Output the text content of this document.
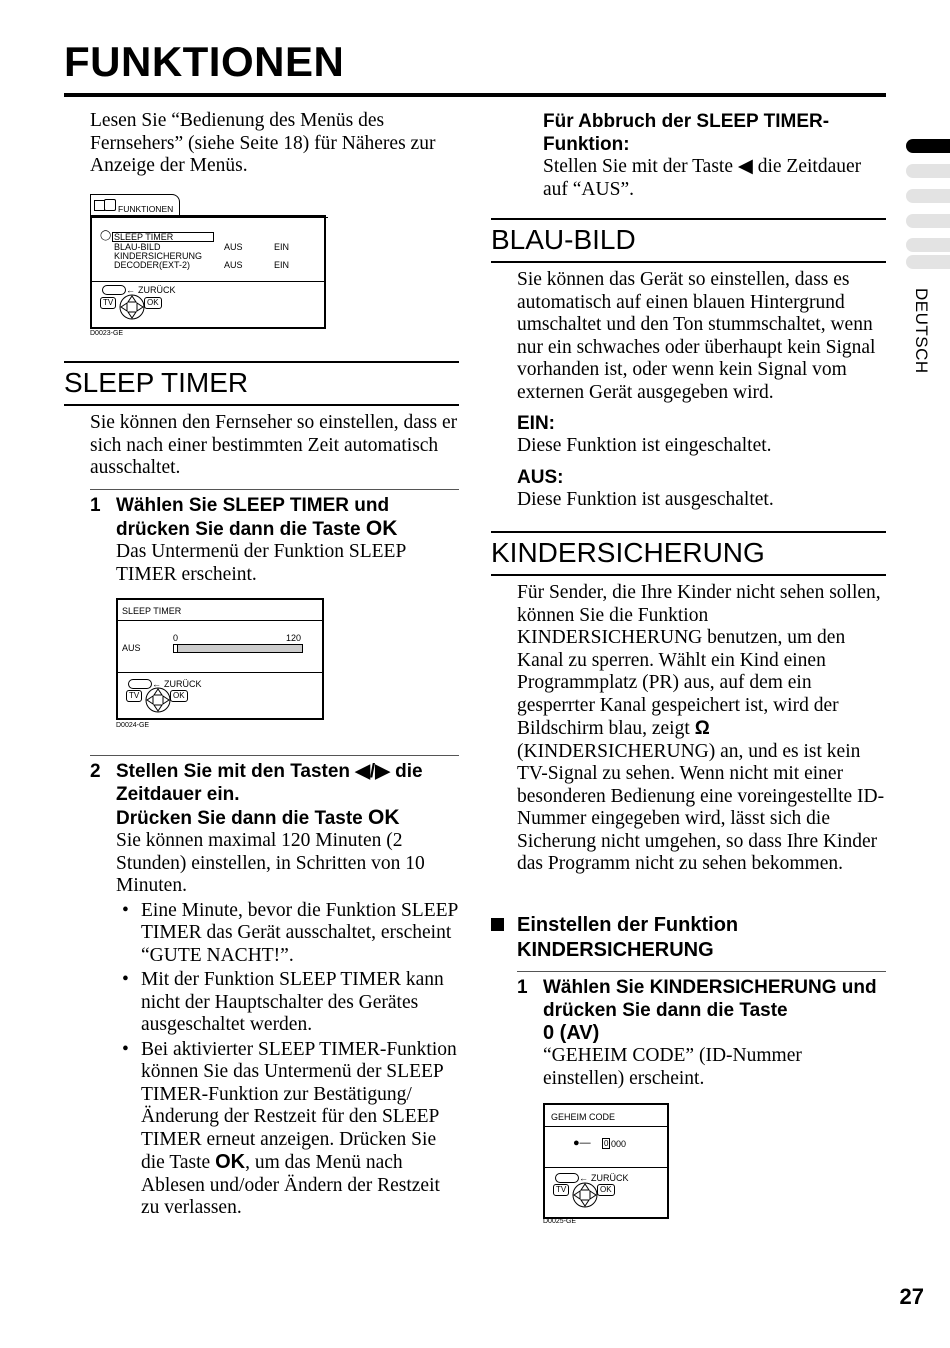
FUNKTIONEN
DEUTSCH
Lesen Sie “Bedienung des Menüs des Fernsehers” (siehe Seite 18) für Näheres zur Anzeige der Menüs.
FUNKTIONEN
◯ SLEEP TIMER
BLAU-BILD	AUS	EIN
KINDERSICHERUNG
DECODER(EXT-2)	AUS	EIN
← ZURÜCK
TV	OK
D0023-GE
SLEEP TIMER
Sie können den Fernseher so einstellen, dass er sich nach einer bestimmten Zeit automatisch ausschaltet.
1 Wählen Sie SLEEP TIMER und drücken Sie dann die Taste OK
Das Untermenü der Funktion SLEEP TIMER erscheint.
SLEEP TIMER
0	120
AUS
← ZURÜCK
TV	OK
D0024-GE
2 Stellen Sie mit den Tasten ◀/▶ die Zeitdauer ein.
Drücken Sie dann die Taste OK
Sie können maximal 120 Minuten (2 Stunden) einstellen, in Schritten von 10 Minuten.
• Eine Minute, bevor die Funktion SLEEP TIMER das Gerät ausschaltet, erscheint “GUTE NACHT!”.
• Mit der Funktion SLEEP TIMER kann nicht der Hauptschalter des Gerätes ausgeschaltet werden.
• Bei aktivierter SLEEP TIMER-Funktion können Sie das Untermenü der SLEEP TIMER-Funktion zur Bestätigung/Änderung der Restzeit für den SLEEP TIMER erneut anzeigen. Drücken Sie die Taste OK, um das Menü nach Ablesen und/oder Ändern der Restzeit zu verlassen.
Für Abbruch der SLEEP TIMER-Funktion:
Stellen Sie mit der Taste ◀ die Zeitdauer auf “AUS”.
BLAU-BILD
Sie können das Gerät so einstellen, dass es automatisch auf einen blauen Hintergrund umschaltet und den Ton stummschaltet, wenn nur ein schwaches oder überhaupt kein Signal vorhanden ist, oder wenn kein Signal vom externen Gerät ausgegeben wird.
EIN:
Diese Funktion ist eingeschaltet.
AUS:
Diese Funktion ist ausgeschaltet.
KINDERSICHERUNG
Für Sender, die Ihre Kinder nicht sehen sollen, können Sie die Funktion KINDERSICHERUNG benutzen, um den Kanal zu sperren. Wählt ein Kind einen Programmplatz (PR) aus, auf dem ein gesperrter Kanal gespeichert ist, wird der Bildschirm blau, zeigt Ω
(KINDERSICHERUNG) an, und es ist kein TV-Signal zu sehen. Wenn nicht mit einer besonderen Bedienung eine voreingestellte ID-Nummer eingegeben wird, lässt sich die Sicherung nicht umgehen, so dass Ihre Kinder das Programm nicht zu sehen bekommen.
Einstellen der Funktion KINDERSICHERUNG
1 Wählen Sie KINDERSICHERUNG und drücken Sie dann die Taste
0 (AV)
“GEHEIM CODE” (ID-Nummer einstellen) erscheint.
GEHEIM CODE
●— 0 000
← ZURÜCK
TV	OK
D0025-GE
27
